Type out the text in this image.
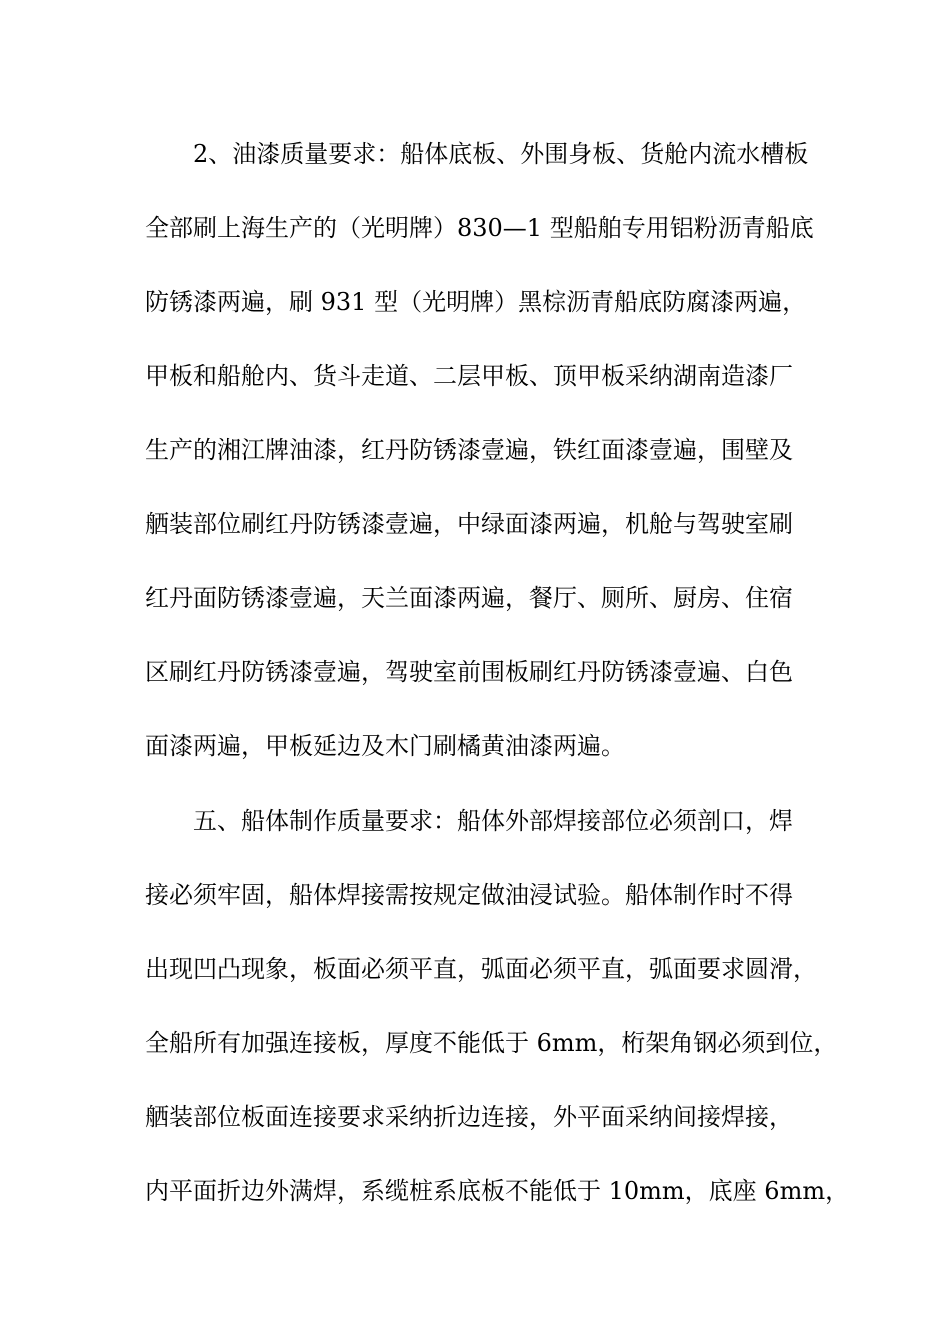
2、油漆质量要求：船体底板、外围身板、货舱内流水槽板
全部刷上海生产的（光明牌）830—1 型船舶专用铝粉沥青船底
防锈漆两遍，刷 931 型（光明牌）黑棕沥青船底防腐漆两遍，
甲板和船舱内、货斗走道、二层甲板、顶甲板采纳湖南造漆厂
生产的湘江牌油漆，红丹防锈漆壹遍，铁红面漆壹遍，围壁及
舾装部位刷红丹防锈漆壹遍，中绿面漆两遍，机舱与驾驶室刷
红丹面防锈漆壹遍，天兰面漆两遍，餐厅、厕所、厨房、住宿
区刷红丹防锈漆壹遍，驾驶室前围板刷红丹防锈漆壹遍、白色
面漆两遍，甲板延边及木门刷橘黄油漆两遍。
五、船体制作质量要求：船体外部焊接部位必须剖口，焊
接必须牢固，船体焊接需按规定做油浸试验。船体制作时不得
出现凹凸现象，板面必须平直，弧面必须平直，弧面要求圆滑，
全船所有加强连接板，厚度不能低于 6mm，桁架角钢必须到位，
舾装部位板面连接要求采纳折边连接，外平面采纳间接焊接，
内平面折边外满焊，系缆桩系底板不能低于 10mm，底座 6mm，
